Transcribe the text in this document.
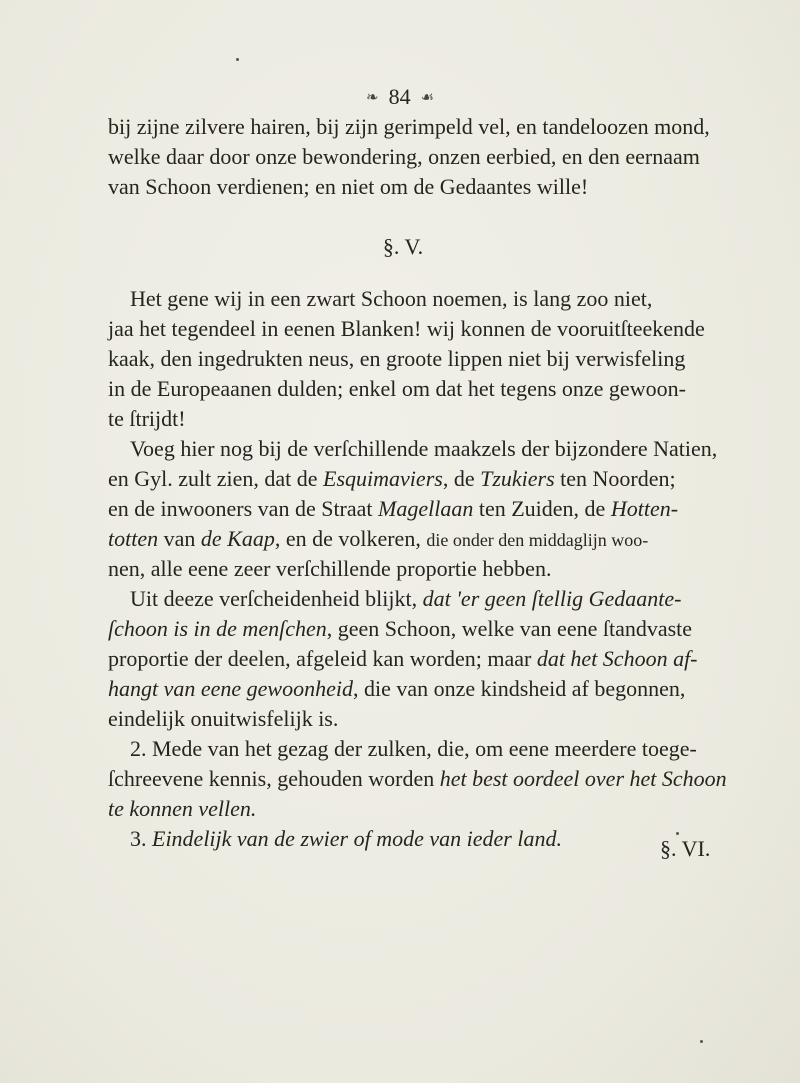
❧ 84 ☙
bij zijne zilvere hairen, bij zijn gerimpeld vel, en tandeloozen mond,
welke daar door onze bewondering, onzen eerbied, en den eernaam
van Schoon verdienen; en niet om de Gedaantes wille!
§. V.
Het gene wij in een zwart Schoon noemen, is lang zoo niet,
jaa het tegendeel in eenen Blanken! wij konnen de vooruitſteekende
kaak, den ingedrukten neus, en groote lippen niet bij verwisfeling
in de Europeaanen dulden; enkel om dat het tegens onze gewoon-
te ſtrijdt!
Voeg hier nog bij de verſchillende maakzels der bijzondere Natien,
en Gyl. zult zien, dat de Esquimaviers, de Tzukiers ten Noorden;
en de inwooners van de Straat Magellaan ten Zuiden, de Hotten-
totten van de Kaap, en de volkeren, die onder den middaglijn woo-
nen, alle eene zeer verſchillende proportie hebben.
Uit deeze verſcheidenheid blijkt, dat 'er geen ſtellig Gedaante-
ſchoon is in de menſchen, geen Schoon, welke van eene ſtandvaste
proportie der deelen, afgeleid kan worden; maar dat het Schoon af-
hangt van eene gewoonheid, die van onze kindsheid af begonnen,
eindelijk onuitwisfelijk is.
2. Mede van het gezag der zulken, die, om eene meerdere toege-
ſchreevene kennis, gehouden worden het best oordeel over het Schoon
te konnen vellen.
3. Eindelijk van de zwier of mode van ieder land.	§. VI.
